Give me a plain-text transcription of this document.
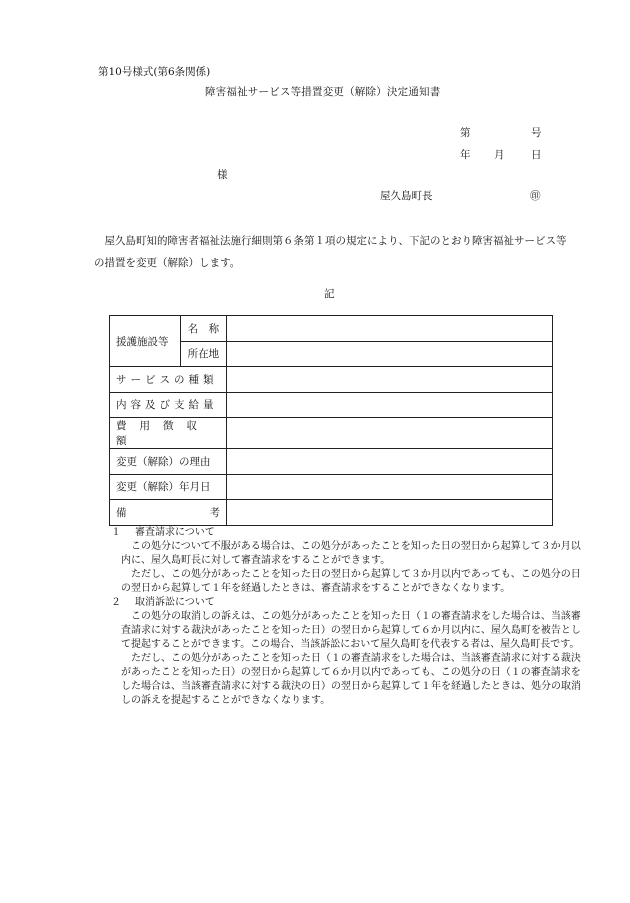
第10号様式(第6条関係)
障害福祉サービス等措置変更（解除）決定通知書
第	号
年 月	日
様
屋久島町長	㊞
屋久島町知的障害者福祉法施行細則第６条第１項の規定により、下記のとおり障害福祉サービス等の措置を変更（解除）します。
記
援護施設等	名　称	
	所在地	
サービスの種類		
内容及び支給量		
費用徴収額		
変更（解除）の理由		
変更（解除）年月日		

備 考		

１ 審査請求について

この処分について不服がある場合は、この処分があったことを知った日の翌日から起算して３か月以内に、屋久島町長に対して審査請求をすることができます。

ただし、この処分があったことを知った日の翌日から起算して３か月以内であっても、この処分の日の翌日から起算して１年を経過したときは、審査請求をすることができなくなります。

２ 取消訴訟について

この処分の取消しの訴えは、この処分があったことを知った日（１の審査請求をした場合は、当該審査請求に対する裁決があったことを知った日）の翌日から起算して６か月以内に、屋久島町を被告として提起することができます。この場合、当該訴訟において屋久島町を代表する者は、屋久島町長です。

ただし、この処分があったことを知った日（１の審査請求をした場合は、当該審査請求に対する裁決があったことを知った日）の翌日から起算して６か月以内であっても、この処分の日（１の審査請求をした場合は、当該審査請求に対する裁決の日）の翌日から起算して１年を経過したときは、処分の取消しの訴えを提起することができなくなります。
